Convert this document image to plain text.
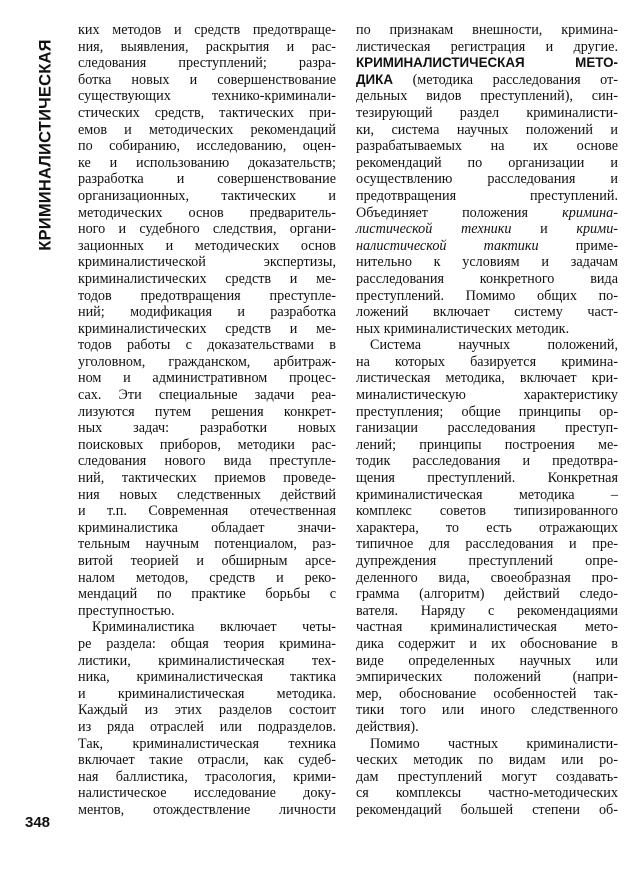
КРИМИНАЛИСТИЧЕСКАЯ
ких методов и средств предотвраще-
ния, выявления, раскрытия и рас-
следования преступлений; разра-
ботка новых и совершенствование
существующих технико-криминали-
стических средств, тактических при-
емов и методических рекомендаций
по собиранию, исследованию, оцен-
ке и использованию доказательств;
разработка и совершенствование
организационных, тактических и
методических основ предваритель-
ного и судебного следствия, органи-
зационных и методических основ
криминалистической экспертизы,
криминалистических средств и ме-
тодов предотвращения преступле-
ний; модификация и разработка
криминалистических средств и ме-
тодов работы с доказательствами в
уголовном, гражданском, арбитраж-
ном и административном процес-
сах. Эти специальные задачи реа-
лизуются путем решения конкрет-
ных задач: разработки новых
поисковых приборов, методики рас-
следования нового вида преступле-
ний, тактических приемов проведе-
ния новых следственных действий
и т.п. Современная отечественная
криминалистика обладает значи-
тельным научным потенциалом, раз-
витой теорией и обширным арсе-
налом методов, средств и реко-
мендаций по практике борьбы с
преступностью.
Криминалистика включает четы-
ре раздела: общая теория кримина-
листики, криминалистическая тех-
ника, криминалистическая тактика
и криминалистическая методика.
Каждый из этих разделов состоит
из ряда отраслей или подразделов.
Так, криминалистическая техника
включает такие отрасли, как судеб-
ная баллистика, трасология, крими-
налистическое исследование доку-
ментов, отождествление личности
по признакам внешности, кримина-
листическая регистрация и другие.
КРИМИНАЛИСТИЧЕСКАЯ МЕТО-
ДИКА (методика расследования от-
дельных видов преступлений), син-
тезирующий раздел криминалисти-
ки, система научных положений и
разрабатываемых на их основе
рекомендаций по организации и
осуществлению расследования и
предотвращения преступлений.
Объединяет положения кримина-
листической техники и крими-
налистической тактики приме-
нительно к условиям и задачам
расследования конкретного вида
преступлений. Помимо общих по-
ложений включает систему част-
ных криминалистических методик.
Система научных положений,
на которых базируется кримина-
листическая методика, включает кри-
миналистическую характеристику
преступления; общие принципы ор-
ганизации расследования преступ-
лений; принципы построения ме-
тодик расследования и предотвра-
щения преступлений. Конкретная
криминалистическая методика –
комплекс советов типизированного
характера, то есть отражающих
типичное для расследования и пре-
дупреждения преступлений опре-
деленного вида, своеобразная про-
грамма (алгоритм) действий следо-
вателя. Наряду с рекомендациями
частная криминалистическая мето-
дика содержит и их обоснование в
виде определенных научных или
эмпирических положений (напри-
мер, обоснование особенностей так-
тики того или иного следственного
действия).
Помимо частных криминалисти-
ческих методик по видам или ро-
дам преступлений могут создавать-
ся комплексы частно-методических
рекомендаций большей степени об-
348
